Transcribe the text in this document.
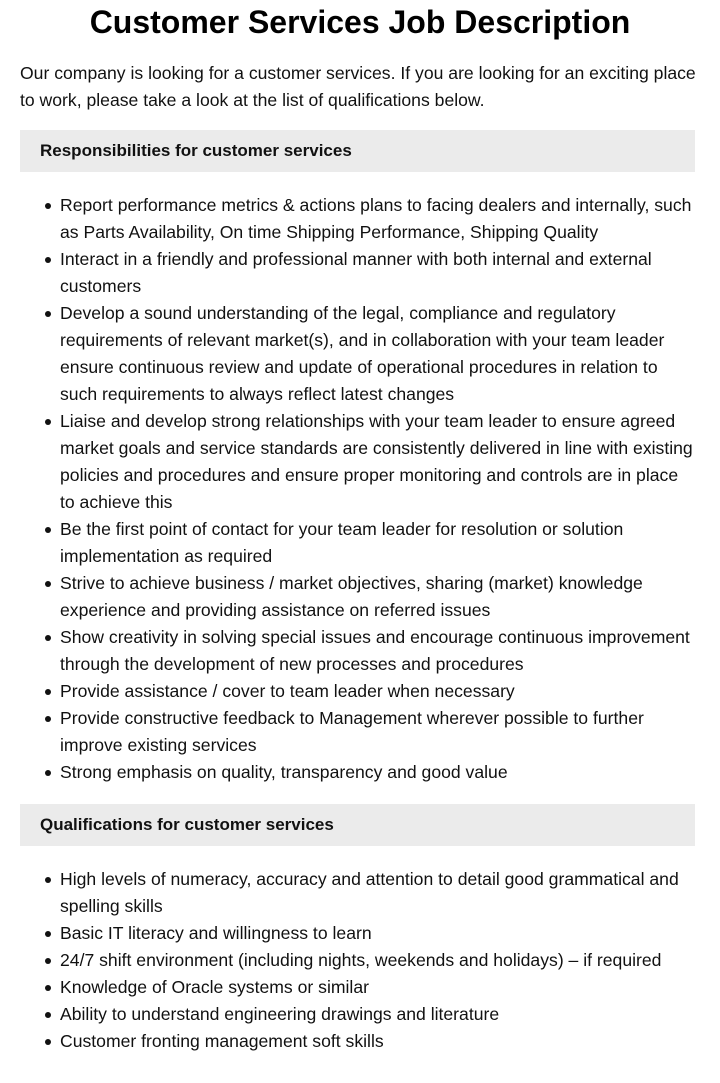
Customer Services Job Description

Our company is looking for a customer services. If you are looking for an exciting place to work, please take a look at the list of qualifications below.

Responsibilities for customer services
Report performance metrics & actions plans to facing dealers and internally, such as Parts Availability, On time Shipping Performance, Shipping Quality
Interact in a friendly and professional manner with both internal and external customers
Develop a sound understanding of the legal, compliance and regulatory requirements of relevant market(s), and in collaboration with your team leader ensure continuous review and update of operational procedures in relation to such requirements to always reflect latest changes
Liaise and develop strong relationships with your team leader to ensure agreed market goals and service standards are consistently delivered in line with existing policies and procedures and ensure proper monitoring and controls are in place to achieve this
Be the first point of contact for your team leader for resolution or solution implementation as required
Strive to achieve business / market objectives, sharing (market) knowledge experience and providing assistance on referred issues
Show creativity in solving special issues and encourage continuous improvement through the development of new processes and procedures
Provide assistance / cover to team leader when necessary
Provide constructive feedback to Management wherever possible to further improve existing services
Strong emphasis on quality, transparency and good value
Qualifications for customer services
High levels of numeracy, accuracy and attention to detail good grammatical and spelling skills
Basic IT literacy and willingness to learn
24/7 shift environment (including nights, weekends and holidays) – if required
Knowledge of Oracle systems or similar
Ability to understand engineering drawings and literature
Customer fronting management soft skills
